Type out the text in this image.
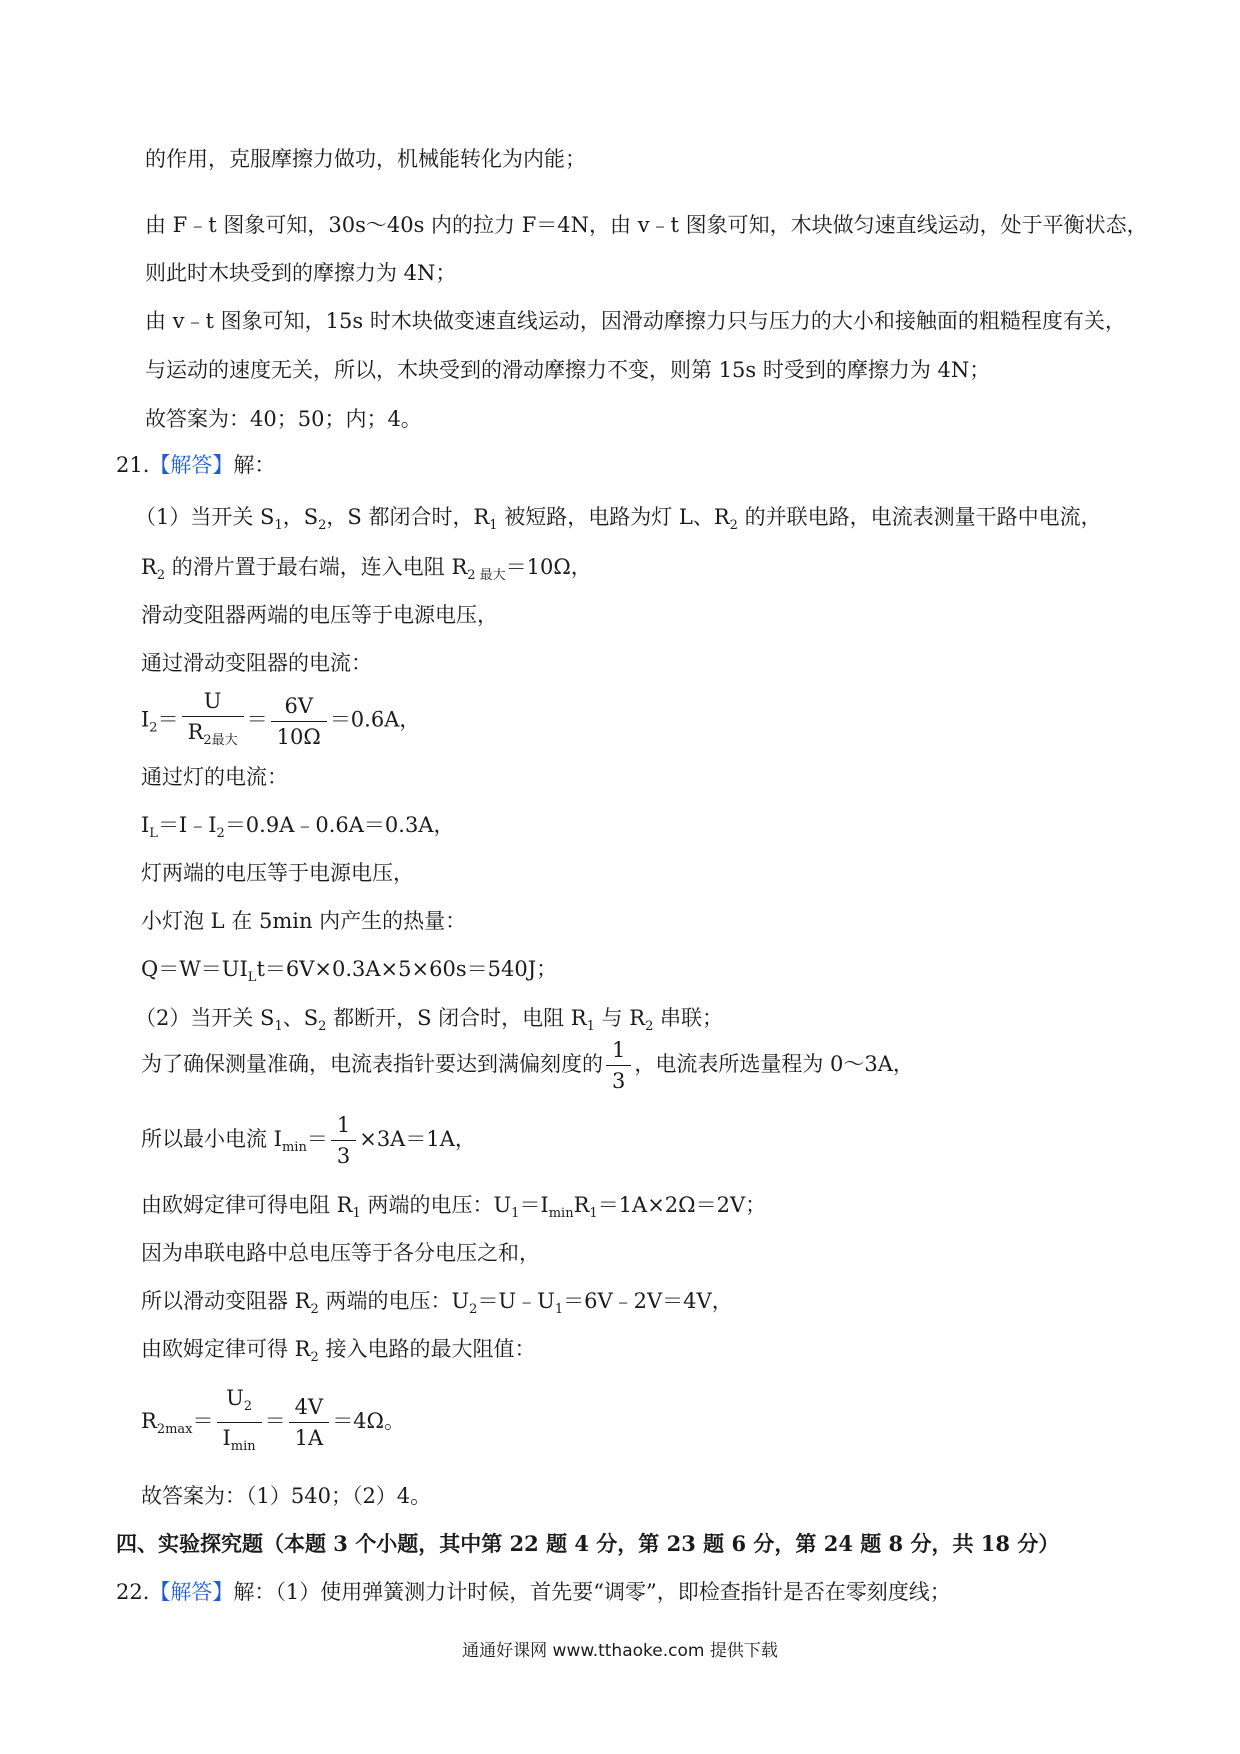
的作用，克服摩擦力做功，机械能转化为内能；
由 F﹣t 图象可知，30s～40s 内的拉力 F＝4N，由 v﹣t 图象可知，木块做匀速直线运动，处于平衡状态，
则此时木块受到的摩擦力为 4N；
由 v﹣t 图象可知，15s 时木块做变速直线运动，因滑动摩擦力只与压力的大小和接触面的粗糙程度有关，
与运动的速度无关，所以，木块受到的滑动摩擦力不变，则第 15s 时受到的摩擦力为 4N；
故答案为：40；50；内；4。
21.【解答】解：
（1）当开关 $S_1$，$S_2$，S 都闭合时，$R_1$ 被短路，电路为灯 L、$R_2$ 的并联电路，电流表测量干路中电流，
$R_2$ 的滑片置于最右端，连入电阻 $R_{2 最大}=10\Omega$，
滑动变阻器两端的电压等于电源电压，
通过滑动变阻器的电流：
$I_2= \frac{U}{R_{2最大}} = \frac{6V}{10\Omega} =0.6A$，
通过灯的电流：
$I_L=I﹣I_2=0.9A﹣0.6A=0.3A$，
灯两端的电压等于电源电压，
小灯泡 L 在 5min 内产生的热量：
$Q=W=UI_Lt=6V\times 0.3A\times 5\times 60s=540J$；
（2）当开关 $S_1$、$S_2$ 都断开，S 闭合时，电阻 $R_1$ 与 $R_2$ 串联；
为了确保测量准确，电流表指针要达到满偏刻度的 $\frac{1}{3}$ ，电流表所选量程为 0～3A，
所以最小电流 $I_{min}= \frac{1}{3} \times 3A=1A$，
由欧姆定律可得电阻 $R_1$ 两端的电压：$U_1=I_{min}R_1=1A\times 2\Omega=2V$；
因为串联电路中总电压等于各分电压之和，
所以滑动变阻器 $R_2$ 两端的电压：$U_2=U﹣U_1=6V﹣2V=4V$，
由欧姆定律可得 $R_2$ 接入电路的最大阻值：
$R_{2max}= \frac{U_2}{I_{min}} = \frac{4V}{1A} =4\Omega$。
故答案为：（1）540；（2）4。
四、实验探究题（本题 3 个小题，其中第 22 题 4 分，第 23 题 6 分，第 24 题 8 分，共 18 分）
22.【解答】解：（1）使用弹簧测力计时候，首先要“调零”，即检查指针是否在零刻度线；
通通好课网 www.tthaoke.com 提供下载
